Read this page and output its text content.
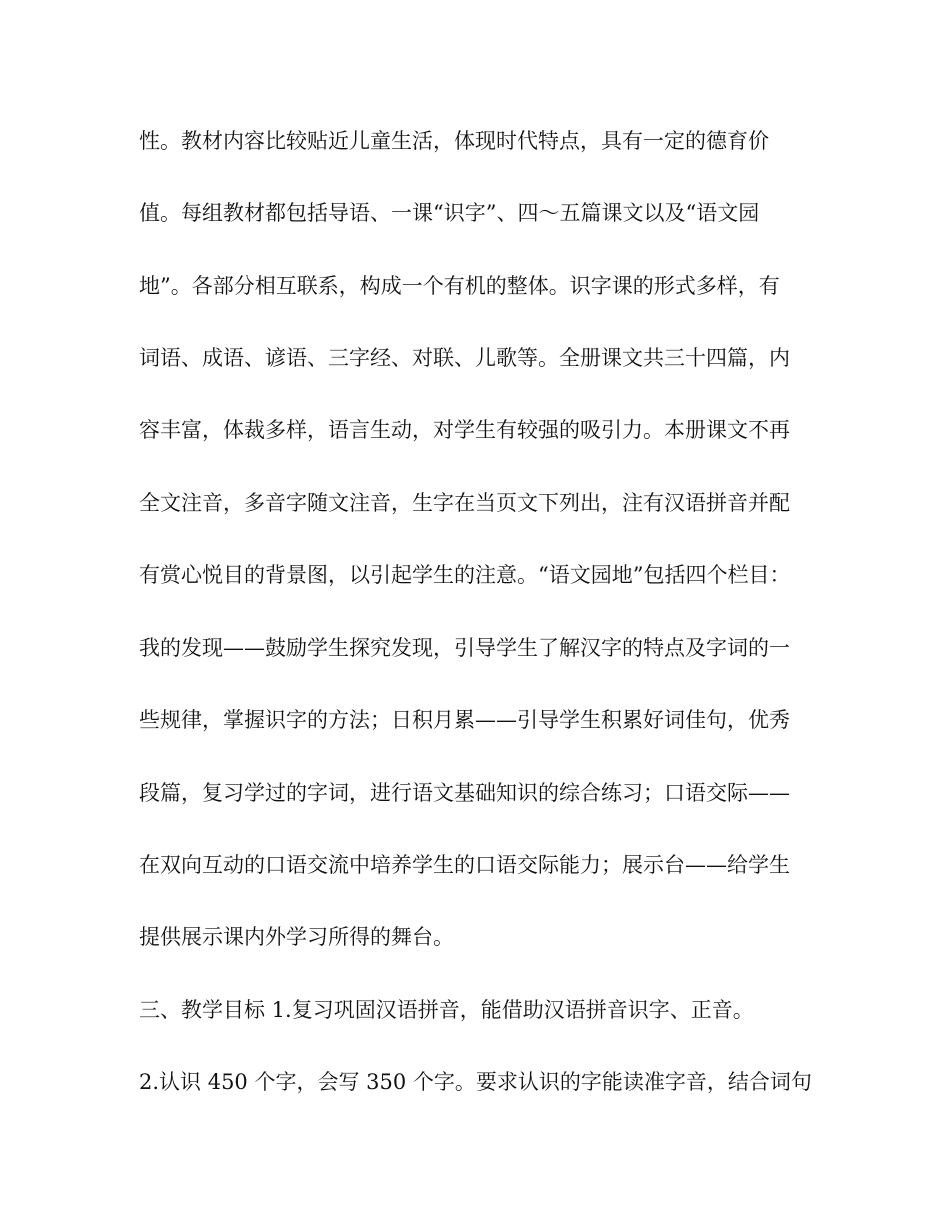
性。教材内容比较贴近儿童生活，体现时代特点，具有一定的德育价
值。每组教材都包括导语、一课“识字”、四～五篇课文以及“语文园
地”。各部分相互联系，构成一个有机的整体。识字课的形式多样，有
词语、成语、谚语、三字经、对联、儿歌等。全册课文共三十四篇，内
容丰富，体裁多样，语言生动，对学生有较强的吸引力。本册课文不再
全文注音，多音字随文注音，生字在当页文下列出，注有汉语拼音并配
有赏心悦目的背景图，以引起学生的注意。“语文园地”包括四个栏目：
我的发现——鼓励学生探究发现，引导学生了解汉字的特点及字词的一
些规律，掌握识字的方法；日积月累——引导学生积累好词佳句，优秀
段篇，复习学过的字词，进行语文基础知识的综合练习；口语交际——
在双向互动的口语交流中培养学生的口语交际能力；展示台——给学生
提供展示课内外学习所得的舞台。
三、教学目标 1.复习巩固汉语拼音，能借助汉语拼音识字、正音。
2.认识 450 个字，会写 350 个字。要求认识的字能读准字音，结合词句
